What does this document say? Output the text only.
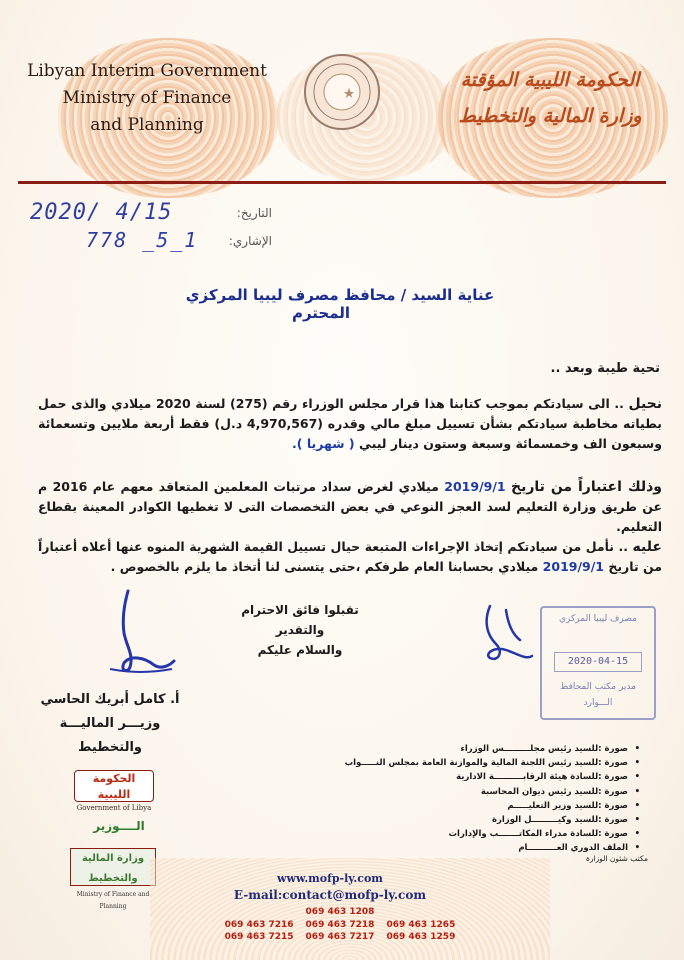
Libyan Interim Government
Ministry of Finance
and Planning
الحكومة الليبية المؤقتة
وزارة المالية والتخطيط
التاريخ:
الإشاري:
2020/ 4/15
778 _5_1
عناية السيد / محافظ مصرف ليبيا المركزي المحترم
تحية طيبة وبعد ..
نحيل .. الى سيادتكم بموجب كتابنا هذا قرار مجلس الوزراء رقم (275) لسنة 2020 ميلادي والذى حمل بطياته مخاطبة سيادتكم بشأن تسييل مبلغ مالي وقدره (4,970,567 د.ل) فقط أربعة ملايين وتسعمائة وسبعون الف وخمسمائة وسبعة وستون دينار ليبي ( شهريا ).
وذلك اعتباراً من تاريخ 2019/9/1 ميلادي لغرض سداد مرتبات المعلمين المتعاقد معهم عام 2016 م عن طريق وزارة التعليم لسد العجز النوعي في بعض التخصصات التى لا تغطيها الكوادر المعينة بقطاع التعليم.
عليه .. نأمل من سيادتكم إتخاذ الإجراءات المتبعة حيال تسييل القيمة الشهرية المنوه عنها أعلاه أعتباراً من تاريخ 2019/9/1 ميلادي بحسابنا العام طرفكم ،حتى يتسنى لنا أتخاذ ما يلزم بالخصوص .
تقبلوا فائق الاحترام والتقدير
والسلام عليكم
أ. كامل أبريك الحاسي
وزيـــر الماليـــة والتخطيط
مصرف ليبيا المركزي
2020-04-15
مدير مكتب المحافظ
الـــوارد
• صورة :للسيد رئيس مجلـــــــــس الوزراء
• صورة :للسيد رئيس اللجنة المالية والموازنة العامة بمجلس النـــــواب
• صورة :للسادة هيئة الرقابــــــــــة الادارية
• صورة :للسيد رئيس ديوان المحاسبة
• صورة :للسيد وزير التعليـــــم
• صورة :للسيد وكيـــــــــل الوزارة
• صورة :للسادة مدراء المكاتـــــــب والإدارات
• الملف الدوري العــــــــــام
مكتب شئون الوزارة
الحكومة الليبية
Government of Libya
الــــوزير
وزارة المالية والتخطيط
Ministry of Finance and Planning
www.mofp-ly.com
E-mail:contact@mofp-ly.com
069 463 1208
069 463 7216 069 463 7218 069 463 1265
069 463 7215 069 463 7217 069 463 1259
